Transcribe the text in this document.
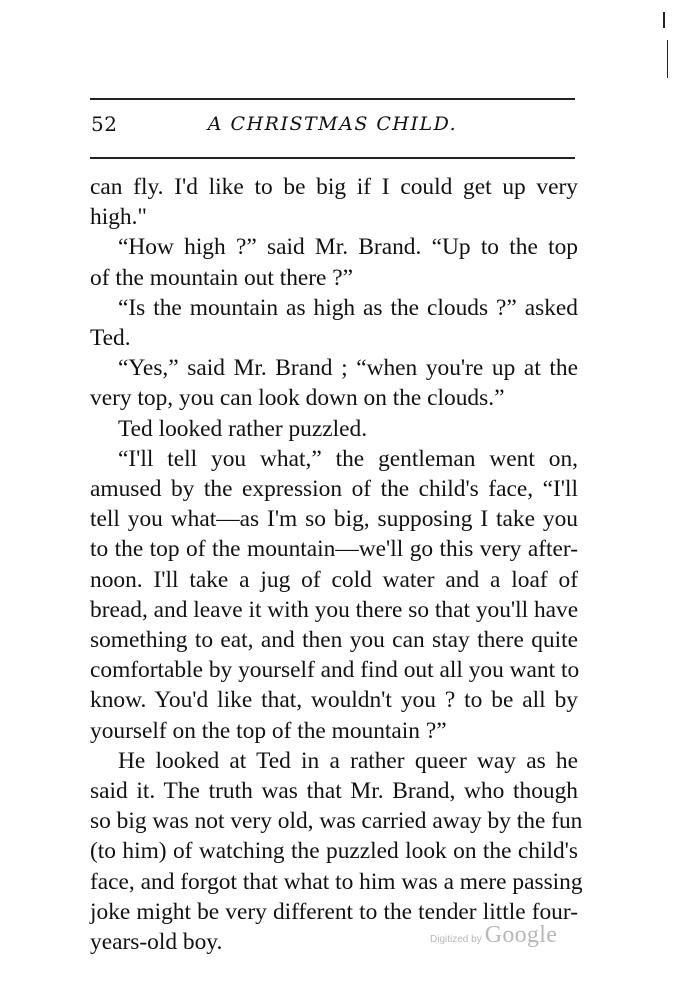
52	A CHRISTMAS CHILD.
can fly. I'd like to be big if I could get up very
high."
“How high ?” said Mr. Brand. “Up to the top
of the mountain out there ?”
“Is the mountain as high as the clouds ?” asked
Ted.
“Yes,” said Mr. Brand ; “when you're up at the
very top, you can look down on the clouds.”
Ted looked rather puzzled.
“I'll tell you what,” the gentleman went on,
amused by the expression of the child's face, “I'll
tell you what—as I'm so big, supposing I take you
to the top of the mountain—we'll go this very after-
noon. I'll take a jug of cold water and a loaf of
bread, and leave it with you there so that you'll have
something to eat, and then you can stay there quite
comfortable by yourself and find out all you want to
know. You'd like that, wouldn't you ? to be all by
yourself on the top of the mountain ?”
He looked at Ted in a rather queer way as he
said it. The truth was that Mr. Brand, who though
so big was not very old, was carried away by the fun
(to him) of watching the puzzled look on the child's
face, and forgot that what to him was a mere passing
joke might be very different to the tender little four-
years-old boy.	Digitized by Google
